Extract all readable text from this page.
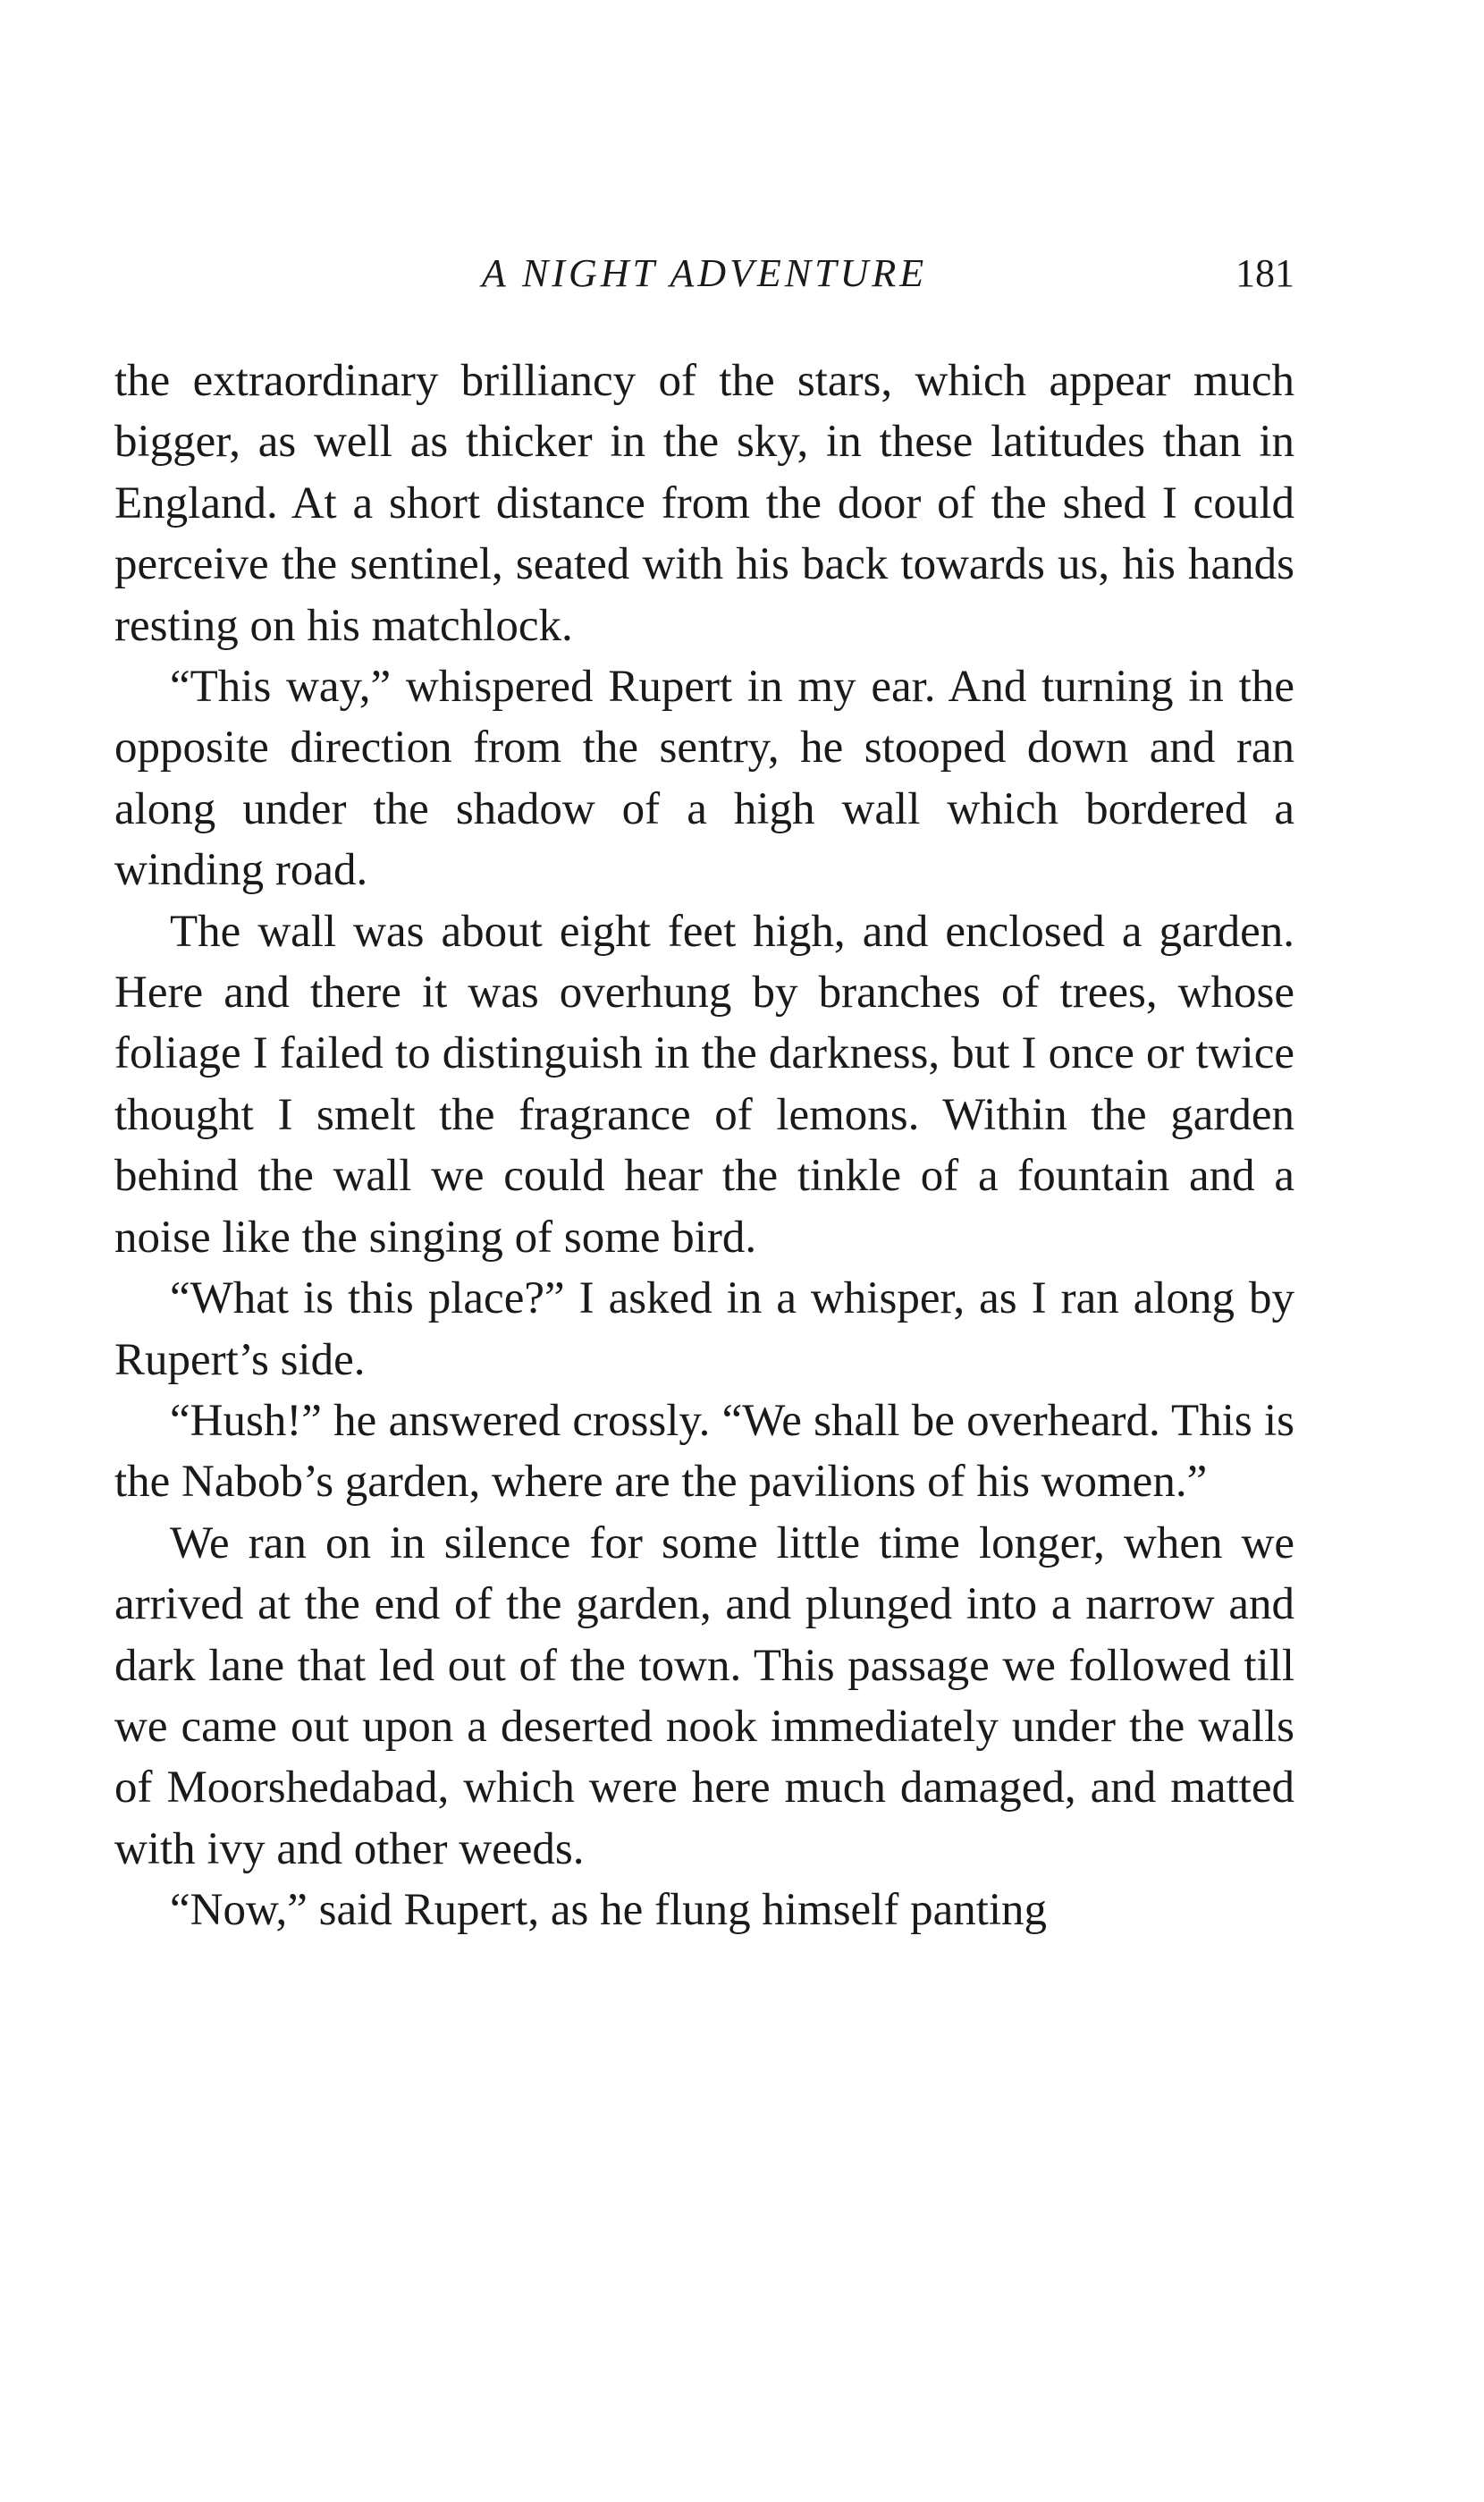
A NIGHT ADVENTURE	181

the extraordinary brilliancy of the stars, which appear much bigger, as well as thicker in the sky, in these latitudes than in England. At a short distance from the door of the shed I could perceive the sentinel, seated with his back towards us, his hands resting on his matchlock.

“This way,” whispered Rupert in my ear. And turning in the opposite direction from the sentry, he stooped down and ran along under the shadow of a high wall which bordered a winding road.

The wall was about eight feet high, and enclosed a garden. Here and there it was overhung by branches of trees, whose foliage I failed to distinguish in the darkness, but I once or twice thought I smelt the fragrance of lemons. Within the garden behind the wall we could hear the tinkle of a fountain and a noise like the singing of some bird.

“What is this place?” I asked in a whisper, as I ran along by Rupert’s side.

“Hush!” he answered crossly. “We shall be overheard. This is the Nabob’s garden, where are the pavilions of his women.”

We ran on in silence for some little time longer, when we arrived at the end of the garden, and plunged into a narrow and dark lane that led out of the town. This passage we followed till we came out upon a deserted nook immediately under the walls of Moorshedabad, which were here much damaged, and matted with ivy and other weeds.

“Now,” said Rupert, as he flung himself panting
